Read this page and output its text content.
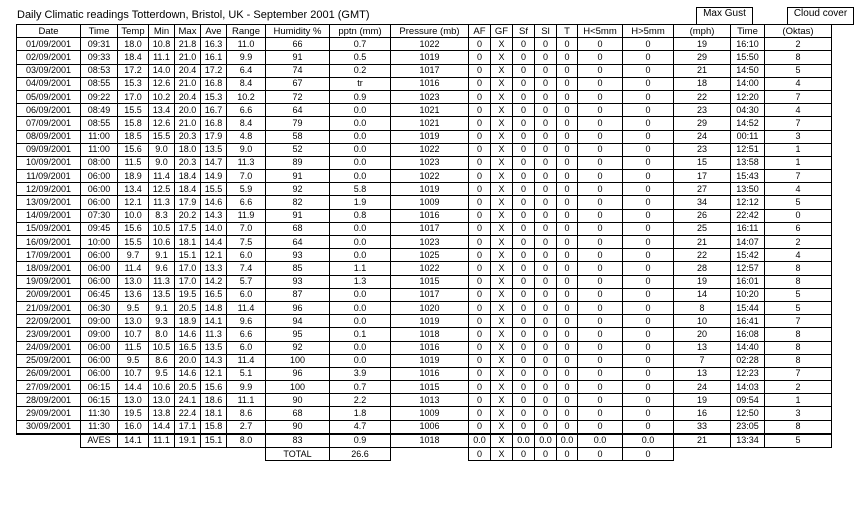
Daily Climatic readings Totterdown, Bristol, UK - September 2001 (GMT)	Max Gust	Cloud cover
Date	Time	Temp	Min	Max	Ave	Range	Humidity %	pptn (mm)	Pressure (mb)	AF	GF	Sf	Sl	T	H<5mm	H>5mm	(mph)	Time	(Oktas)
01/09/2001	09:31	18.0	10.8	21.8	16.3	11.0	66	0.7	1022	0	X	0	0	0	0	0	19	16:10	2
02/09/2001	09:33	18.4	11.1	21.0	16.1	9.9	91	0.5	1019	0	X	0	0	0	0	0	29	15:50	8
03/09/2001	08:53	17.2	14.0	20.4	17.2	6.4	74	0.2	1017	0	X	0	0	0	0	0	21	14:50	5
04/09/2001	08:55	15.3	12.6	21.0	16.8	8.4	67	tr	1016	0	X	0	0	0	0	0	18	14:00	4
05/09/2001	09:22	17.0	10.2	20.4	15.3	10.2	72	0.9	1023	0	X	0	0	0	0	0	22	12:20	7
06/09/2001	08:49	15.5	13.4	20.0	16.7	6.6	64	0.0	1021	0	X	0	0	0	0	0	23	04:30	4
07/09/2001	08:55	15.8	12.6	21.0	16.8	8.4	79	0.0	1021	0	X	0	0	0	0	0	29	14:52	7
08/09/2001	11:00	18.5	15.5	20.3	17.9	4.8	58	0.0	1019	0	X	0	0	0	0	0	24	00:11	3
09/09/2001	11:00	15.6	9.0	18.0	13.5	9.0	52	0.0	1022	0	X	0	0	0	0	0	23	12:51	1
10/09/2001	08:00	11.5	9.0	20.3	14.7	11.3	89	0.0	1023	0	X	0	0	0	0	0	15	13:58	1
11/09/2001	06:00	18.9	11.4	18.4	14.9	7.0	91	0.0	1022	0	X	0	0	0	0	0	17	15:43	7
12/09/2001	06:00	13.4	12.5	18.4	15.5	5.9	92	5.8	1019	0	X	0	0	0	0	0	27	13:50	4
13/09/2001	06:00	12.1	11.3	17.9	14.6	6.6	82	1.9	1009	0	X	0	0	0	0	0	34	12:12	5
14/09/2001	07:30	10.0	8.3	20.2	14.3	11.9	91	0.8	1016	0	X	0	0	0	0	0	26	22:42	0
15/09/2001	09:45	15.6	10.5	17.5	14.0	7.0	68	0.0	1017	0	X	0	0	0	0	0	25	16:11	6
16/09/2001	10:00	15.5	10.6	18.1	14.4	7.5	64	0.0	1023	0	X	0	0	0	0	0	21	14:07	2
17/09/2001	06:00	9.7	9.1	15.1	12.1	6.0	93	0.0	1025	0	X	0	0	0	0	0	22	15:42	4
18/09/2001	06:00	11.4	9.6	17.0	13.3	7.4	85	1.1	1022	0	X	0	0	0	0	0	28	12:57	8
19/09/2001	06:00	13.0	11.3	17.0	14.2	5.7	93	1.3	1015	0	X	0	0	0	0	0	19	16:01	8
20/09/2001	06:45	13.6	13.5	19.5	16.5	6.0	87	0.0	1017	0	X	0	0	0	0	0	14	10:20	5
21/09/2001	06:30	9.5	9.1	20.5	14.8	11.4	96	0.0	1020	0	X	0	0	0	0	0	8	15:44	5
22/09/2001	09:00	13.0	9.3	18.9	14.1	9.6	94	0.0	1019	0	X	0	0	0	0	0	10	16:41	7
23/09/2001	09:00	10.7	8.0	14.6	11.3	6.6	95	0.1	1018	0	X	0	0	0	0	0	20	16:08	8
24/09/2001	06:00	11.5	10.5	16.5	13.5	6.0	92	0.0	1016	0	X	0	0	0	0	0	13	14:40	8
25/09/2001	06:00	9.5	8.6	20.0	14.3	11.4	100	0.0	1019	0	X	0	0	0	0	0	7	02:28	8
26/09/2001	06:00	10.7	9.5	14.6	12.1	5.1	96	3.9	1016	0	X	0	0	0	0	0	13	12:23	7
27/09/2001	06:15	14.4	10.6	20.5	15.6	9.9	100	0.7	1015	0	X	0	0	0	0	0	24	14:03	2
28/09/2001	06:15	13.0	13.0	24.1	18.6	11.1	90	2.2	1013	0	X	0	0	0	0	0	19	09:54	1
29/09/2001	11:30	19.5	13.8	22.4	18.1	8.6	68	1.8	1009	0	X	0	0	0	0	0	16	12:50	3
30/09/2001	11:30	16.0	14.4	17.1	15.8	2.7	90	4.7	1006	0	X	0	0	0	0	0	33	23:05	8
	AVES	14.1	11.1	19.1	15.1	8.0	83	0.9	1018	0.0	X	0.0	0.0	0.0	0.0	0.0	21	13:34	5
							TOTAL	26.6		0	X	0	0	0	0	0			
